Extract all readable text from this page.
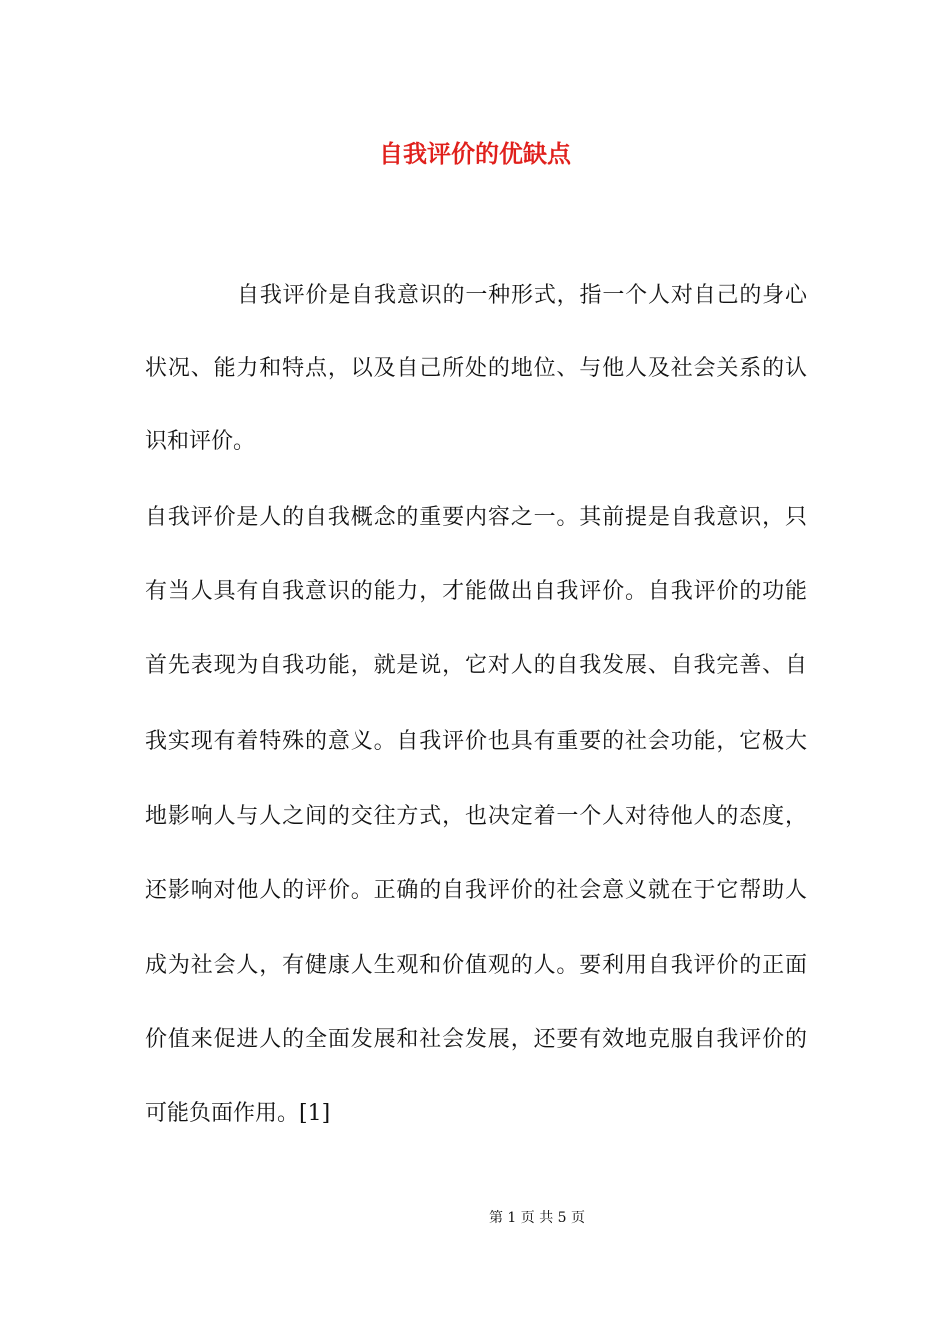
自我评价的优缺点
自我评价是自我意识的一种形式，指一个人对自己的身心
状况、能力和特点，以及自己所处的地位、与他人及社会关系的认
识和评价。
自我评价是人的自我概念的重要内容之一。其前提是自我意识，只
有当人具有自我意识的能力，才能做出自我评价。自我评价的功能
首先表现为自我功能，就是说，它对人的自我发展、自我完善、自
我实现有着特殊的意义。自我评价也具有重要的社会功能，它极大
地影响人与人之间的交往方式，也决定着一个人对待他人的态度，
还影响对他人的评价。正确的自我评价的社会意义就在于它帮助人
成为社会人，有健康人生观和价值观的人。要利用自我评价的正面
价值来促进人的全面发展和社会发展，还要有效地克服自我评价的
可能负面作用。[1]
第 1 页 共 5 页
